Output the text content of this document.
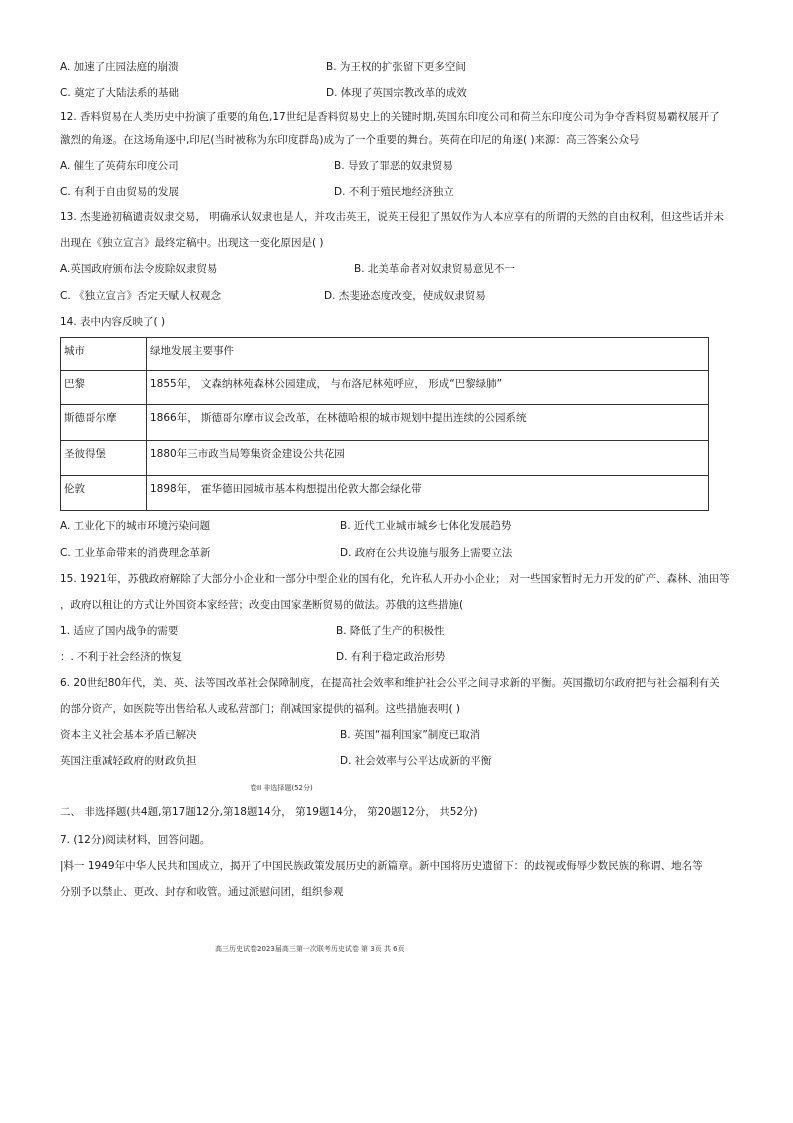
A. 加速了庄园法庭的崩溃	B. 为王权的扩张留下更多空间
C. 奠定了大陆法系的基础	D. 体现了英国宗教改革的成效
12. 香料贸易在人类历史中扮演了重要的角色,17世纪是香料贸易史上的关键时期,英国东印度公司和荷兰东印度公司为争夺香料贸易霸权展开了
激烈的角逐。在这场角逐中,印尼(当时被称为东印度群岛)成为了一个重要的舞台。英荷在印尼的角逐( )来源：高三答案公众号
A. 催生了英荷东印度公司	B. 导致了罪恶的奴隶贸易
C. 有利于自由贸易的发展	D. 不利于殖民地经济独立
13. 杰斐逊初稿谴责奴隶交易， 明确承认奴隶也是人，并攻击英王，说英王侵犯了黑奴作为人本应享有的所谓的天然的自由权利，但这些话并未
出现在《独立宣言》最终定稿中。出现这一变化原因是( )
A.英国政府颁布法令废除奴隶贸易	B. 北美革命者对奴隶贸易意见不一
C. 《独立宣言》否定天赋人权观念	D. 杰斐逊态度改变，使成奴隶贸易
14. 表中内容反映了( )
城市	绿地发展主要事件
巴黎	1855年， 文森纳林苑森林公园建成， 与布洛尼林苑呼应， 形成“巴黎绿肺”
斯德哥尔摩	1866年， 斯德哥尔摩市议会改革，在林德哈根的城市规划中提出连续的公园系统
圣彼得堡	1880年三市政当局筹集资金建设公共花园
伦敦	1898年， 霍华德田园城市基本构想提出伦敦大都会绿化带
A. 工业化下的城市环境污染问题	B. 近代工业城市城乡七体化发展趋势
C. 工业革命带来的消费理念革新	D. 政府在公共设施与服务上需要立法
15. 1921年，苏俄政府解除了大部分小企业和一部分中型企业的国有化，允许私人开办小企业； 对一些国家暂时无力开发的矿产、森林、油田等
，政府以租让的方式让外国资本家经营；改变由国家垄断贸易的做法。苏俄的这些措施(
1. 适应了国内战争的需要	B. 降低了生产的积极性
：. 不利于社会经济的恢复	D. 有利于稳定政治形势
6. 20世纪80年代，美、英、法等国改革社会保障制度，在提高社会效率和维护社会公平之间寻求新的平衡。英国撒切尔政府把与社会福利有关
的部分资产，如医院等出售给私人或私营部门；削减国家提供的福利。这些措施表明( )
资本主义社会基本矛盾已解决	B. 英国“福利国家”制度已取消
英国注重减轻政府的财政负担	D. 社会效率与公平达成新的平衡
卷II 非选择题(52分)
二、 非选择题(共4题,第17题12分,第18题14分， 第19题14分， 第20题12分， 共52分)
7. (12分)阅读材料，回答问题。
|料一 1949年中华人民共和国成立，揭开了中国民族政策发展历史的新篇章。新中国将历史遗留下：的歧视或侮辱少数民族的称谓、地名等
分别予以禁止、更改、封存和收管。通过派慰问团，组织参观
高三历史试卷2023届高三第一次联考历史试卷 第 3页 共 6页
